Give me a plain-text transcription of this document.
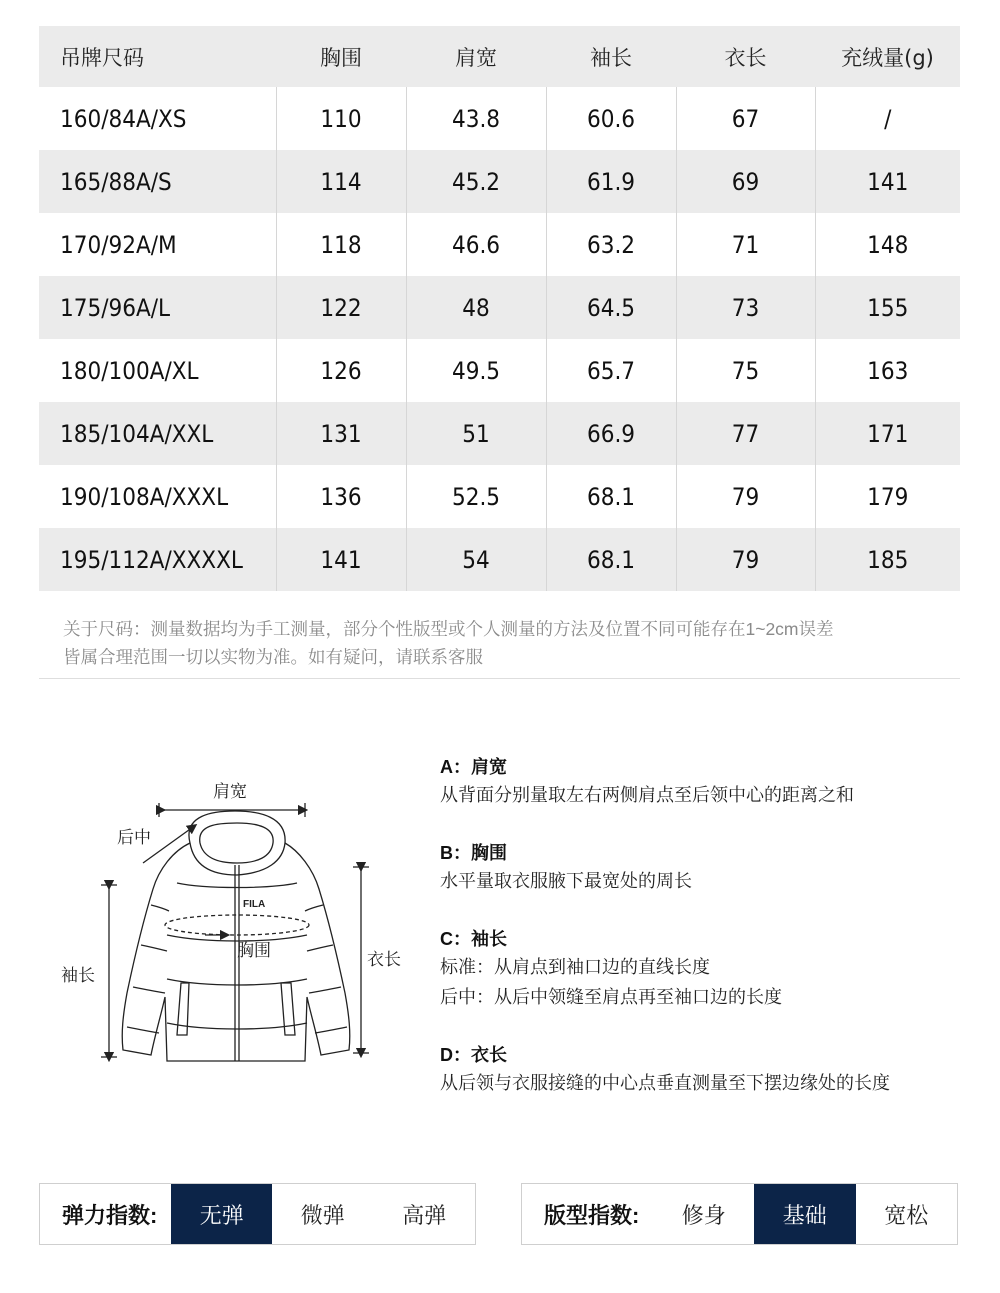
吊牌尺码	胸围	肩宽	袖长	衣长	充绒量(g)
160/84A/XS	110	43.8	60.6	67	/
165/88A/S	114	45.2	61.9	69	141
170/92A/M	118	46.6	63.2	71	148
175/96A/L	122	48	64.5	73	155
180/100A/XL	126	49.5	65.7	75	163
185/104A/XXL	131	51	66.9	77	171
190/108A/XXXL	136	52.5	68.1	79	179
195/112A/XXXXL	141	54	68.1	79	185

关于尺码：测量数据均为手工测量，部分个性版型或个人测量的方法及位置不同可能存在1~2cm误差

皆属合理范围一切以实物为准。如有疑问，请联系客服

肩宽
后中
胸围
袖长
衣长
FILA
A：肩宽
从背面分别量取左右两侧肩点至后领中心的距离之和
B：胸围
水平量取衣服腋下最宽处的周长
C：袖长
标准：从肩点到袖口边的直线长度
后中：从后中领缝至肩点再至袖口边的长度
D：衣长
从后领与衣服接缝的中心点垂直测量至下摆边缘处的长度
弹力指数:	无弹	微弹	高弹	版型指数:	修身	基础	宽松
